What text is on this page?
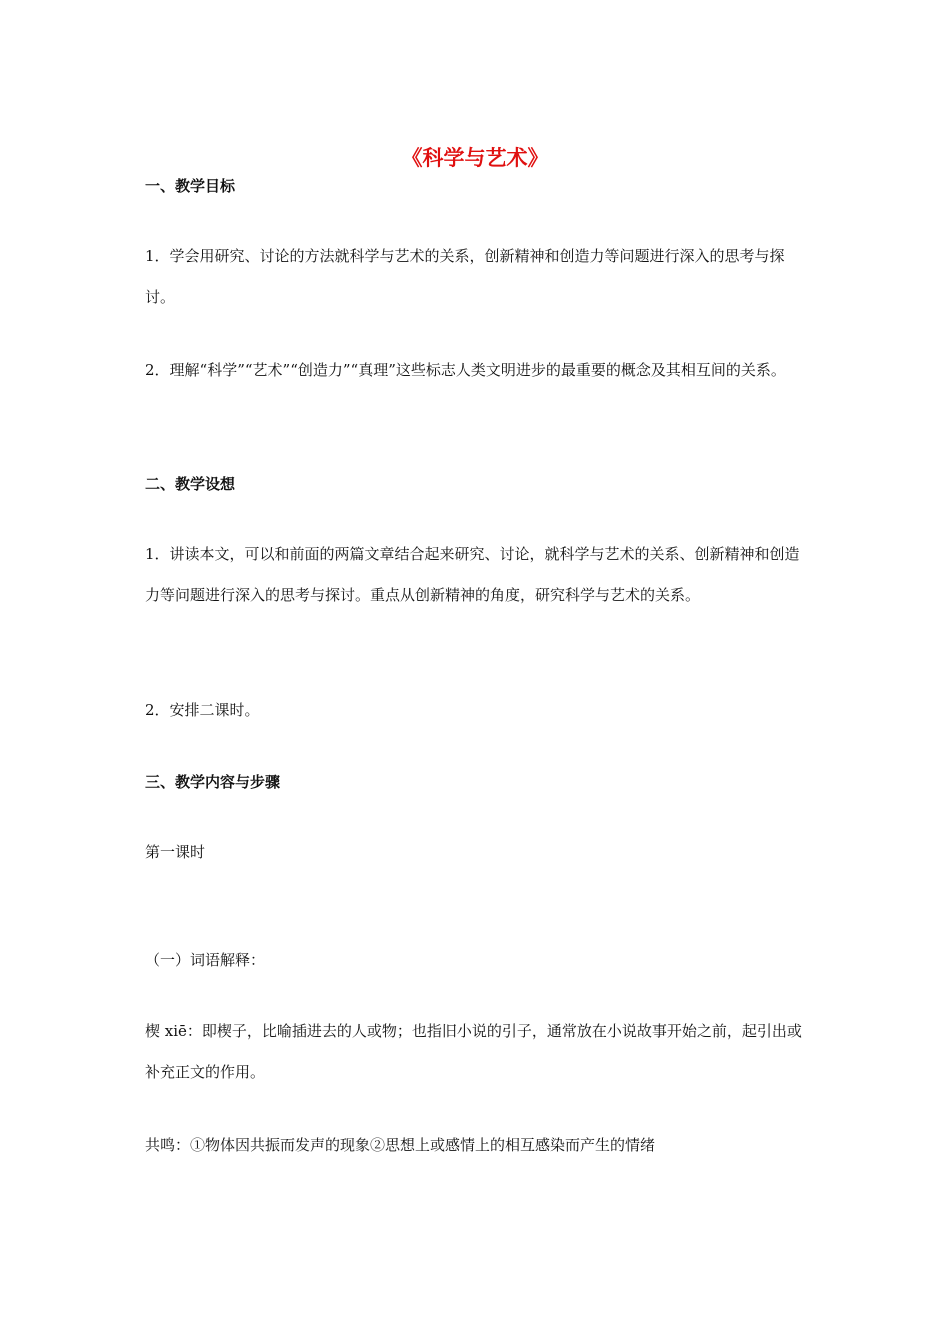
《科学与艺术》
一、教学目标
1．学会用研究、讨论的方法就科学与艺术的关系，创新精神和创造力等问题进行深入的思考与探讨。
2．理解“科学”“艺术”“创造力”“真理”这些标志人类文明进步的最重要的概念及其相互间的关系。
二、教学设想
1．讲读本文，可以和前面的两篇文章结合起来研究、讨论，就科学与艺术的关系、创新精神和创造力等问题进行深入的思考与探讨。重点从创新精神的角度，研究科学与艺术的关系。
2．安排二课时。
三、教学内容与步骤
第一课时
（一）词语解释：
楔 xiē：即楔子，比喻插进去的人或物；也指旧小说的引子，通常放在小说故事开始之前，起引出或补充正文的作用。
共鸣：①物体因共振而发声的现象②思想上或感情上的相互感染而产生的情绪
